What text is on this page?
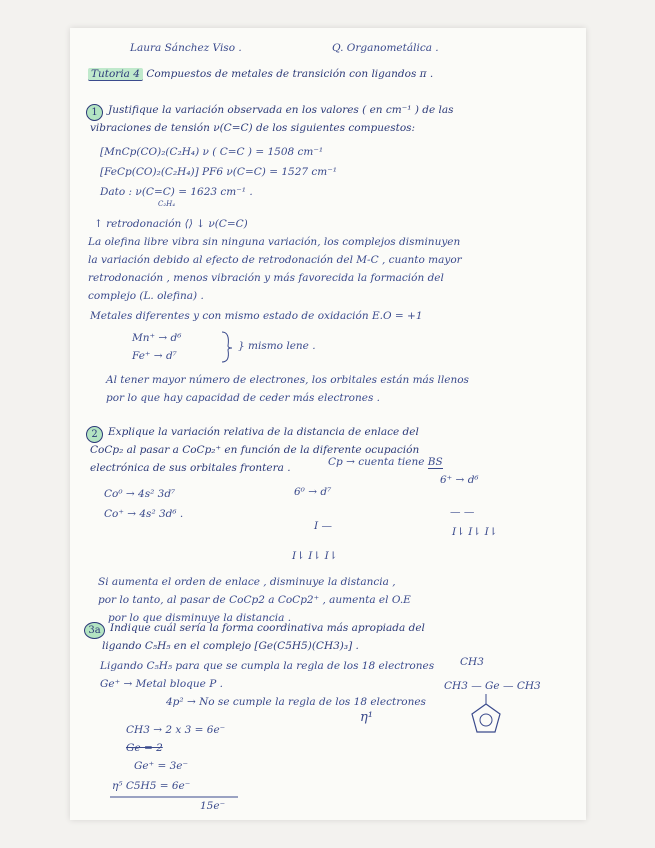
Laura Sánchez Viso .	Q. Organometálica .
Tutoria 4 Compuestos de metales de transición con ligandos π .
1 Justifique la variación observada en los valores ( en cm⁻¹ ) de las
vibraciones de tensión ν(C=C) de los siguientes compuestos:
[MnCp(CO)₂(C₂H₄) ν ( C=C ) = 1508 cm⁻¹
[FeCp(CO)₂(C₂H₄)] PF6 ν(C=C) = 1527 cm⁻¹
Dato : ν(C=C) = 1623 cm⁻¹ .
C₂H₄
↑ retrodonación ⟨⟩ ↓ ν(C=C)
La olefina libre vibra sin ninguna variación, los complejos disminuyen
la variación debido al efecto de retrodonación del M-C , cuanto mayor
retrodonación , menos vibración y más favorecida la formación del
complejo (L. olefina) .
Metales diferentes y con mismo estado de oxidación E.O = +1
Mn⁺ → d⁶
Fe⁺ → d⁷
} mismo lene .
Al tener mayor número de electrones, los orbitales están más llenos
por lo que hay capacidad de ceder más electrones .
2 Explique la variación relativa de la distancia de enlace del
CoCp₂ al pasar a CoCp₂⁺ en función de la diferente ocupación
electrónica de sus orbitales frontera .	Cp → cuenta tiene BS
Co⁰ → 4s² 3d⁷	6⁰ → d⁷
6⁺ → d⁶
Co⁺ → 4s² 3d⁶ .
I —
— —
I⇂ I⇂ I⇂
I⇂ I⇂ I⇂
Si aumenta el orden de enlace , disminuye la distancia ,
por lo tanto, al pasar de CoCp2 a CoCp2⁺ , aumenta el O.E
por lo que disminuye la distancia .
3a Indique cuál sería la forma coordinativa más apropiada del
ligando C₅H₅ en el complejo [Ge(C5H5)(CH3)₃] .
Ligando C₅H₅ para que se cumpla la regla de los 18 electrones
Ge⁺ → Metal bloque P .
4p² → No se cumple la regla de los 18 electrones
η¹
CH3 → 2 x 3 = 6e⁻
Ge = 2
Ge⁺ = 3e⁻
η⁵ C5H5 = 6e⁻
15e⁻
CH3
CH3 — Ge — CH3
